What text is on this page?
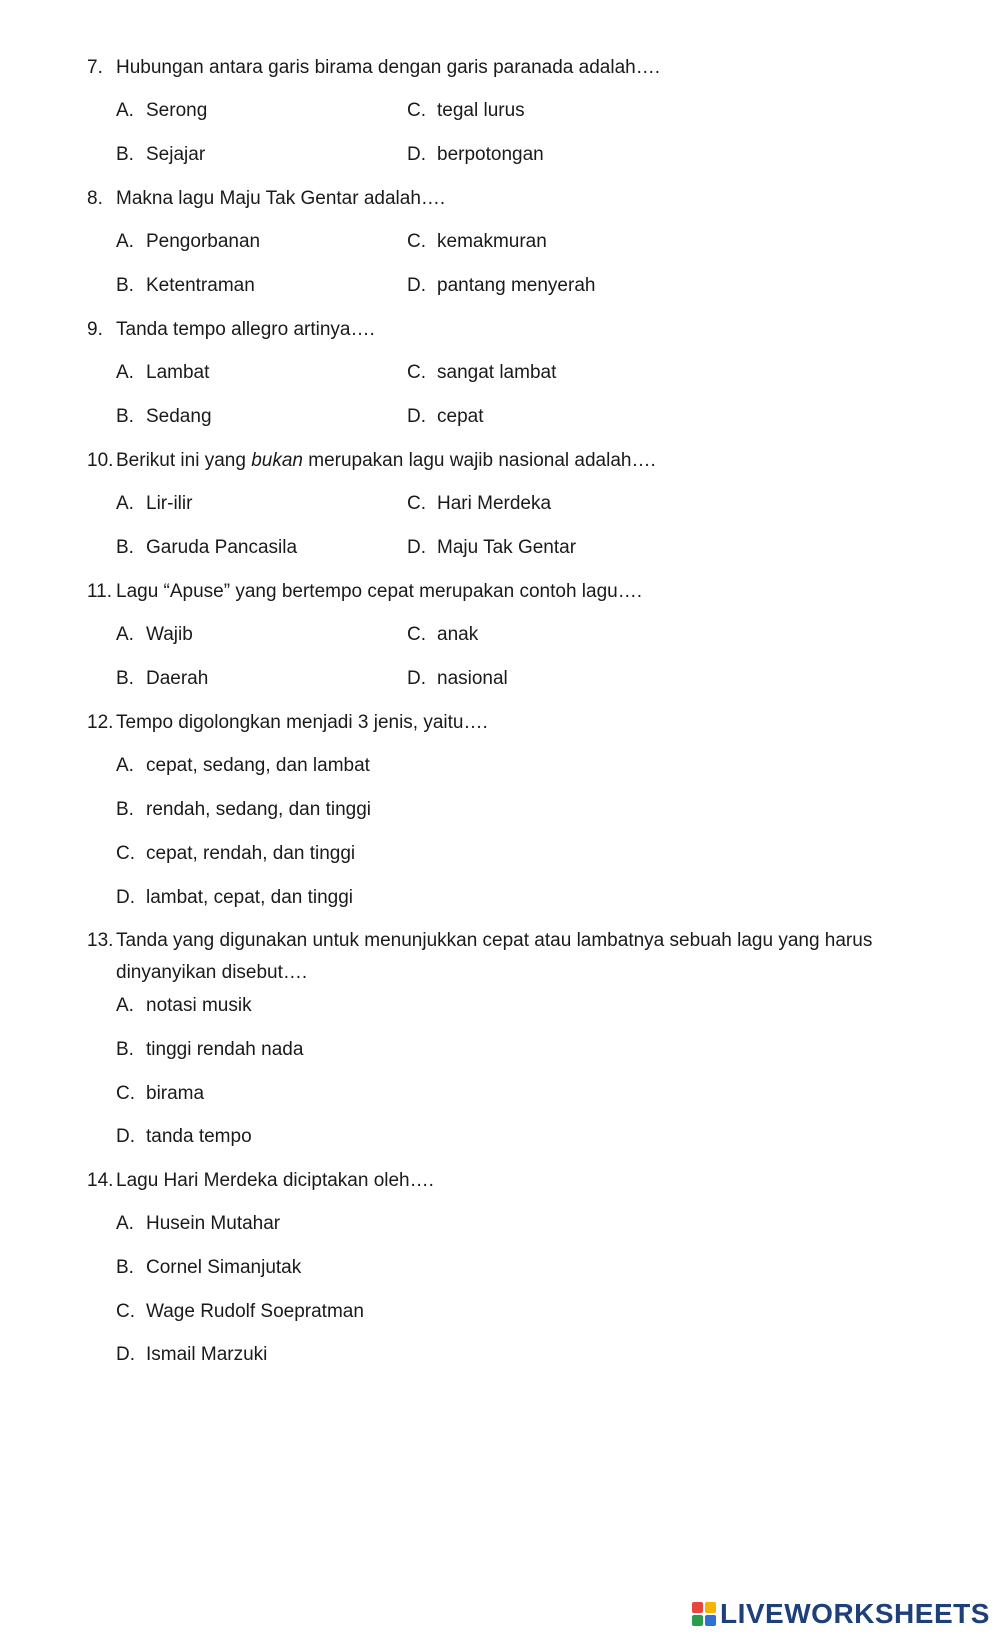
7. Hubungan antara garis birama dengan garis paranada adalah….
A. Serong	C. tegal lurus
B. Sejajar	D. berpotongan
8. Makna lagu Maju Tak Gentar adalah….
A. Pengorbanan	C. kemakmuran
B. Ketentraman	D. pantang menyerah
9. Tanda tempo allegro artinya….
A. Lambat	C. sangat lambat
B. Sedang	D. cepat
10. Berikut ini yang bukan merupakan lagu wajib nasional adalah….
A. Lir-ilir	C. Hari Merdeka
B. Garuda Pancasila	D. Maju Tak Gentar
11. Lagu “Apuse” yang bertempo cepat merupakan contoh lagu….
A. Wajib	C. anak
B. Daerah	D. nasional
12. Tempo digolongkan menjadi 3 jenis, yaitu….
A. cepat, sedang, dan lambat
B. rendah, sedang, dan tinggi
C. cepat, rendah, dan tinggi
D. lambat, cepat, dan tinggi
13. Tanda yang digunakan untuk menunjukkan cepat atau lambatnya sebuah lagu yang harus
dinyanyikan disebut….
A. notasi musik
B. tinggi rendah nada
C. birama
D. tanda tempo
14. Lagu Hari Merdeka diciptakan oleh….
A. Husein Mutahar
B. Cornel Simanjutak
C. Wage Rudolf Soepratman
D. Ismail Marzuki
LIVEWORKSHEETS
